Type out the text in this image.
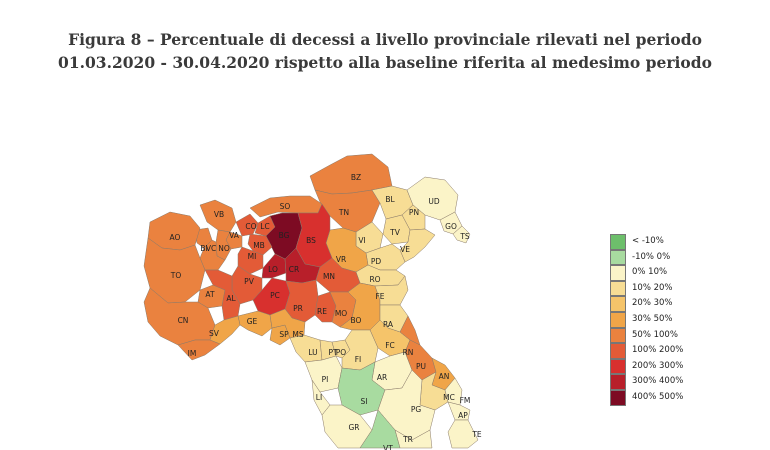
Figura 8 – Percentuale di decessi a livello provinciale rilevati nel periodo
01.03.2020 - 30.04.2020 rispetto alla baseline riferita al medesimo periodo
BZ
TN
BL	UD
PN
GO
TS
TV
VE
VI
PD
VR
RO
SO
VB
CO LC
VA	BG
BS
MB
MI
NO
BI
VC
AO
TO
LO CR
MN
PV
PC
AT AL
CN
PR RE MO
BO
FE
RA
FC
RN
GE
SV
IM
SP MS
LU PT
PO
FI
PI	AR
SI
GR
PU
AN
MC FM
AP
PG
TR
TE
VT
LI
< -10%
-10% 0%
0% 10%
10% 20%
20% 30%
30% 50%
50% 100%
100% 200%
200% 300%
300% 400%
400% 500%
